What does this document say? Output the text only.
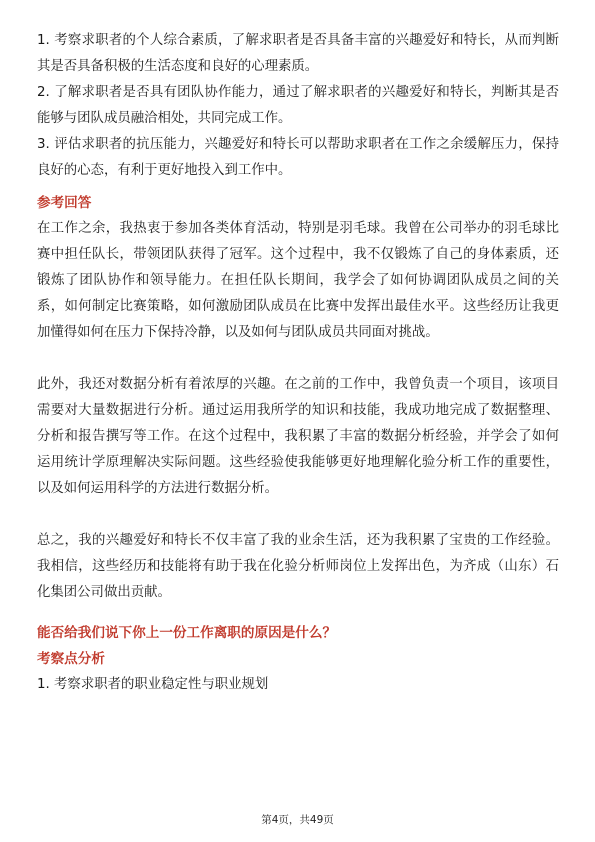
1. 考察求职者的个人综合素质，了解求职者是否具备丰富的兴趣爱好和特长，从而判断其是否具备积极的生活态度和良好的心理素质。

2. 了解求职者是否具有团队协作能力，通过了解求职者的兴趣爱好和特长，判断其是否能够与团队成员融洽相处，共同完成工作。

3. 评估求职者的抗压能力，兴趣爱好和特长可以帮助求职者在工作之余缓解压力，保持良好的心态，有利于更好地投入到工作中。

参考回答

在工作之余，我热衷于参加各类体育活动，特别是羽毛球。我曾在公司举办的羽毛球比赛中担任队长，带领团队获得了冠军。这个过程中，我不仅锻炼了自己的身体素质，还锻炼了团队协作和领导能力。在担任队长期间，我学会了如何协调团队成员之间的关系，如何制定比赛策略，如何激励团队成员在比赛中发挥出最佳水平。这些经历让我更加懂得如何在压力下保持冷静，以及如何与团队成员共同面对挑战。

此外，我还对数据分析有着浓厚的兴趣。在之前的工作中，我曾负责一个项目，该项目需要对大量数据进行分析。通过运用我所学的知识和技能，我成功地完成了数据整理、分析和报告撰写等工作。在这个过程中，我积累了丰富的数据分析经验，并学会了如何运用统计学原理解决实际问题。这些经验使我能够更好地理解化验分析工作的重要性，以及如何运用科学的方法进行数据分析。

总之，我的兴趣爱好和特长不仅丰富了我的业余生活，还为我积累了宝贵的工作经验。我相信，这些经历和技能将有助于我在化验分析师岗位上发挥出色，为齐成（山东）石化集团公司做出贡献。

能否给我们说下你上一份工作离职的原因是什么？

考察点分析

1. 考察求职者的职业稳定性与职业规划

第4页，共49页
